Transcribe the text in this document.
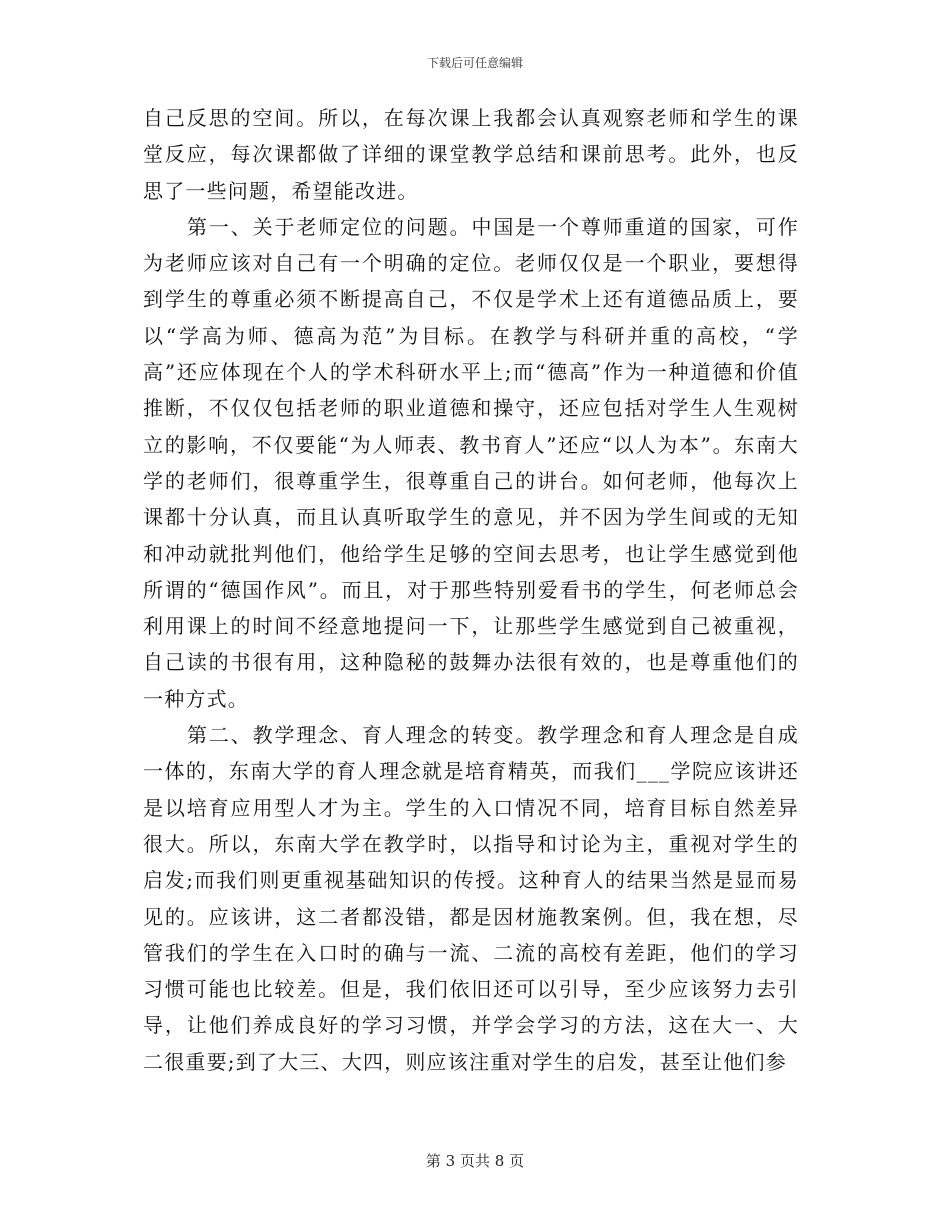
下载后可任意编辑

自己反思的空间。所以，在每次课上我都会认真观察老师和学生的课堂反应，每次课都做了详细的课堂教学总结和课前思考。此外，也反思了一些问题，希望能改进。

第一、关于老师定位的问题。中国是一个尊师重道的国家，可作为老师应该对自己有一个明确的定位。老师仅仅是一个职业，要想得到学生的尊重必须不断提高自己，不仅是学术上还有道德品质上，要以“学高为师、德高为范”为目标。在教学与科研并重的高校，“学高”还应体现在个人的学术科研水平上;而“德高”作为一种道德和价值推断，不仅仅包括老师的职业道德和操守，还应包括对学生人生观树立的影响，不仅要能“为人师表、教书育人”还应“以人为本”。东南大学的老师们，很尊重学生，很尊重自己的讲台。如何老师，他每次上课都十分认真，而且认真听取学生的意见，并不因为学生间或的无知和冲动就批判他们，他给学生足够的空间去思考，也让学生感觉到他所谓的“德国作风”。而且，对于那些特别爱看书的学生，何老师总会利用课上的时间不经意地提问一下，让那些学生感觉到自己被重视，自己读的书很有用，这种隐秘的鼓舞办法很有效的，也是尊重他们的一种方式。

第二、教学理念、育人理念的转变。教学理念和育人理念是自成一体的，东南大学的育人理念就是培育精英，而我们___学院应该讲还是以培育应用型人才为主。学生的入口情况不同，培育目标自然差异很大。所以，东南大学在教学时，以指导和讨论为主，重视对学生的启发;而我们则更重视基础知识的传授。这种育人的结果当然是显而易见的。应该讲，这二者都没错，都是因材施教案例。但，我在想，尽管我们的学生在入口时的确与一流、二流的高校有差距，他们的学习习惯可能也比较差。但是，我们依旧还可以引导，至少应该努力去引导，让他们养成良好的学习习惯，并学会学习的方法，这在大一、大二很重要;到了大三、大四，则应该注重对学生的启发，甚至让他们参

第 3 页共 8 页
